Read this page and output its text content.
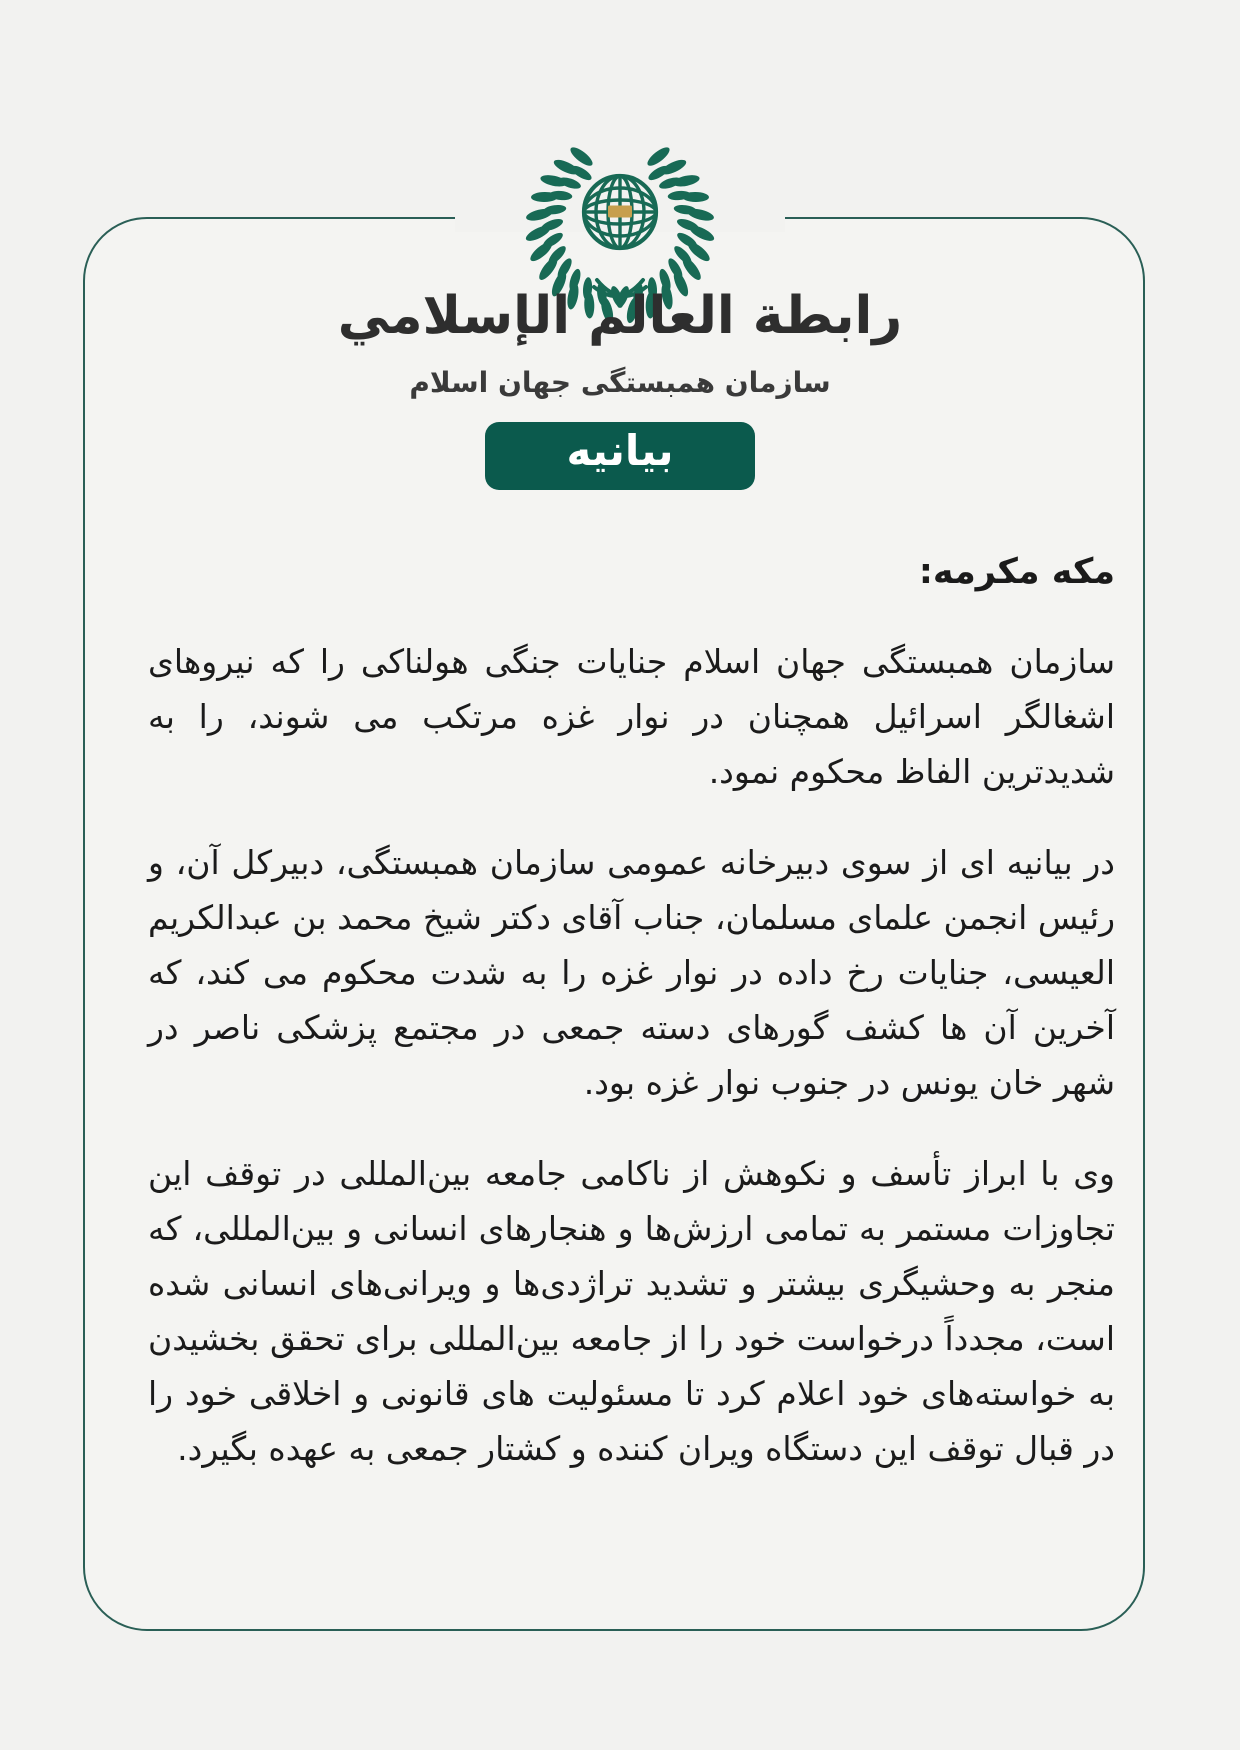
رابطة العالم الإسلامي
سازمان همبستگی جهان اسلام
بیانیه
مکه مکرمه:

سازمان همبستگی جهان اسلام جنایات جنگی هولناکی را که نیروهای اشغالگر اسرائیل همچنان در نوار غزه مرتکب می شوند، را به شدیدترین الفاظ محکوم نمود.

در بیانیه ای از سوی دبیرخانه عمومی سازمان همبستگی، دبیرکل آن، و رئیس انجمن علمای مسلمان، جناب آقای دکتر شیخ محمد بن عبدالکریم العیسی، جنایات رخ داده در نوار غزه را به شدت محکوم می کند، که آخرین آن ها کشف گورهای دسته جمعی در مجتمع پزشکی ناصر در شهر خان یونس در جنوب نوار غزه بود.

وی با ابراز تأسف و نکوهش از ناکامی جامعه بین‌المللی در توقف این تجاوزات مستمر به تمامی ارزش‌ها و هنجارهای انسانی و بین‌المللی، که منجر به وحشیگری بیشتر و تشدید تراژدی‌ها و ویرانی‌های انسانی شده است، مجدداً درخواست خود را از جامعه بین‌المللی برای تحقق بخشیدن به خواسته‌های خود اعلام کرد تا مسئولیت های قانونی و اخلاقی خود را در قبال توقف این دستگاه ویران کننده و کشتار جمعی به عهده بگیرد.
